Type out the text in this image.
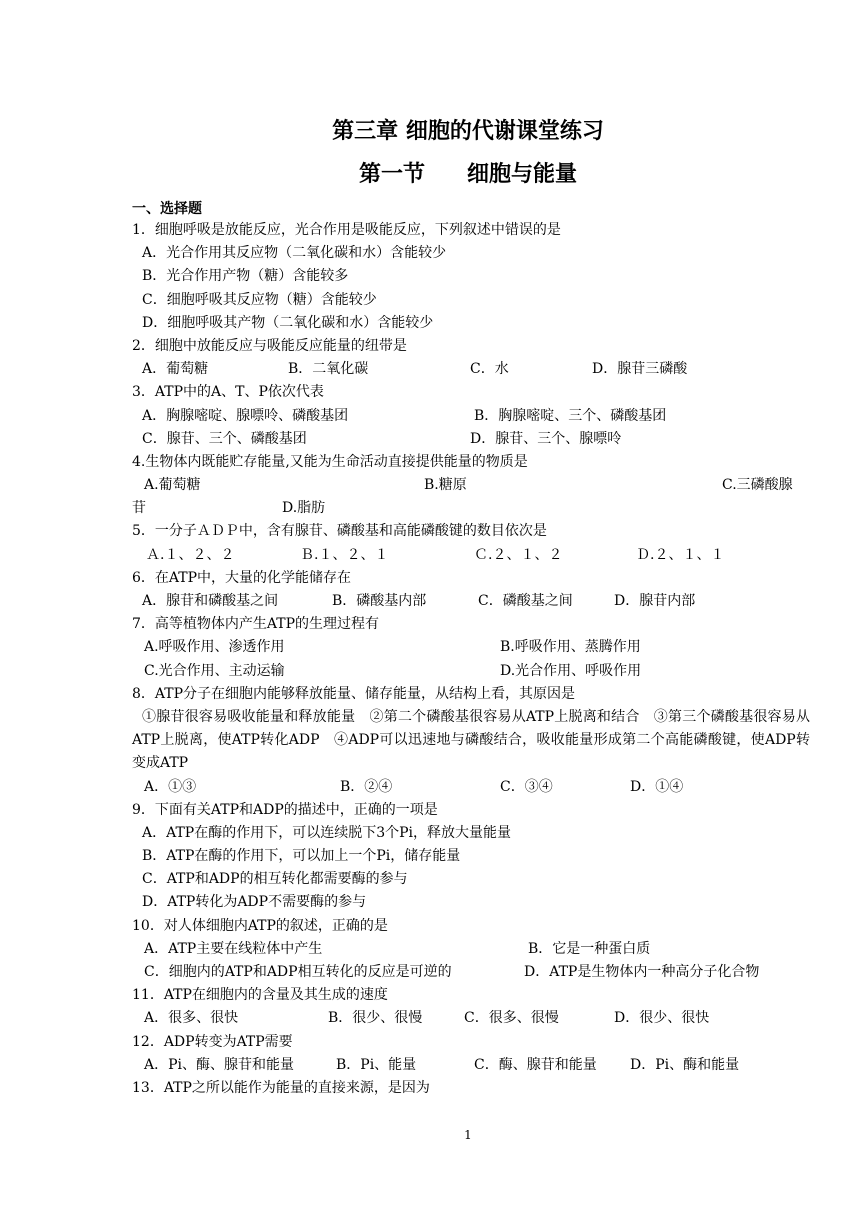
第三章 细胞的代谢课堂练习
第一节 细胞与能量
一、选择题
1．细胞呼吸是放能反应，光合作用是吸能反应，下列叙述中错误的是
A．光合作用其反应物（二氧化碳和水）含能较少
B．光合作用产物（糖）含能较多
C．细胞呼吸其反应物（糖）含能较少
D．细胞呼吸其产物（二氧化碳和水）含能较少
2．细胞中放能反应与吸能反应能量的纽带是
A．葡萄糖	B．二氧化碳	C．水	D．腺苷三磷酸
3．ATP中的A、T、P依次代表
A．胸腺嘧啶、腺嘌呤、磷酸基团	B．胸腺嘧啶、三个、磷酸基团
C．腺苷、三个、磷酸基团	D．腺苷、三个、腺嘌呤
4.生物体内既能贮存能量,又能为生命活动直接提供能量的物质是
A.葡萄糖	B.糖原	C.三磷酸腺
苷	D.脂肪
5．一分子ＡＤＰ中，含有腺苷、磷酸基和高能磷酸键的数目依次是
Ａ.１、２、２	Ｂ.１、２、１	Ｃ.２、１、２	Ｄ.２、１、１
6．在ATP中，大量的化学能储存在
A．腺苷和磷酸基之间	B．磷酸基内部	C．磷酸基之间	D．腺苷内部
7．高等植物体内产生ATP的生理过程有
A.呼吸作用、渗透作用	B.呼吸作用、蒸腾作用
C.光合作用、主动运输	D.光合作用、呼吸作用
8．ATP分子在细胞内能够释放能量、储存能量，从结构上看，其原因是
①腺苷很容易吸收能量和释放能量　②第二个磷酸基很容易从ATP上脱离和结合　③第三个磷酸基很容易从ATP上脱离，使ATP转化ADP　④ADP可以迅速地与磷酸结合，吸收能量形成第二个高能磷酸键，使ADP转变成ATP
A．①③	B．②④	C．③④	D．①④
9．下面有关ATP和ADP的描述中，正确的一项是
A．ATP在酶的作用下，可以连续脱下3个Pi，释放大量能量
B．ATP在酶的作用下，可以加上一个Pi，储存能量
C．ATP和ADP的相互转化都需要酶的参与
D．ATP转化为ADP不需要酶的参与
10．对人体细胞内ATP的叙述，正确的是
A．ATP主要在线粒体中产生	B．它是一种蛋白质
C．细胞内的ATP和ADP相互转化的反应是可逆的	D．ATP是生物体内一种高分子化合物
11．ATP在细胞内的含量及其生成的速度
A．很多、很快	B．很少、很慢	C．很多、很慢	D．很少、很快
12．ADP转变为ATP需要
A．Pi、酶、腺苷和能量	B．Pi、能量	C．酶、腺苷和能量 D．Pi、酶和能量
13．ATP之所以能作为能量的直接来源，是因为
1
